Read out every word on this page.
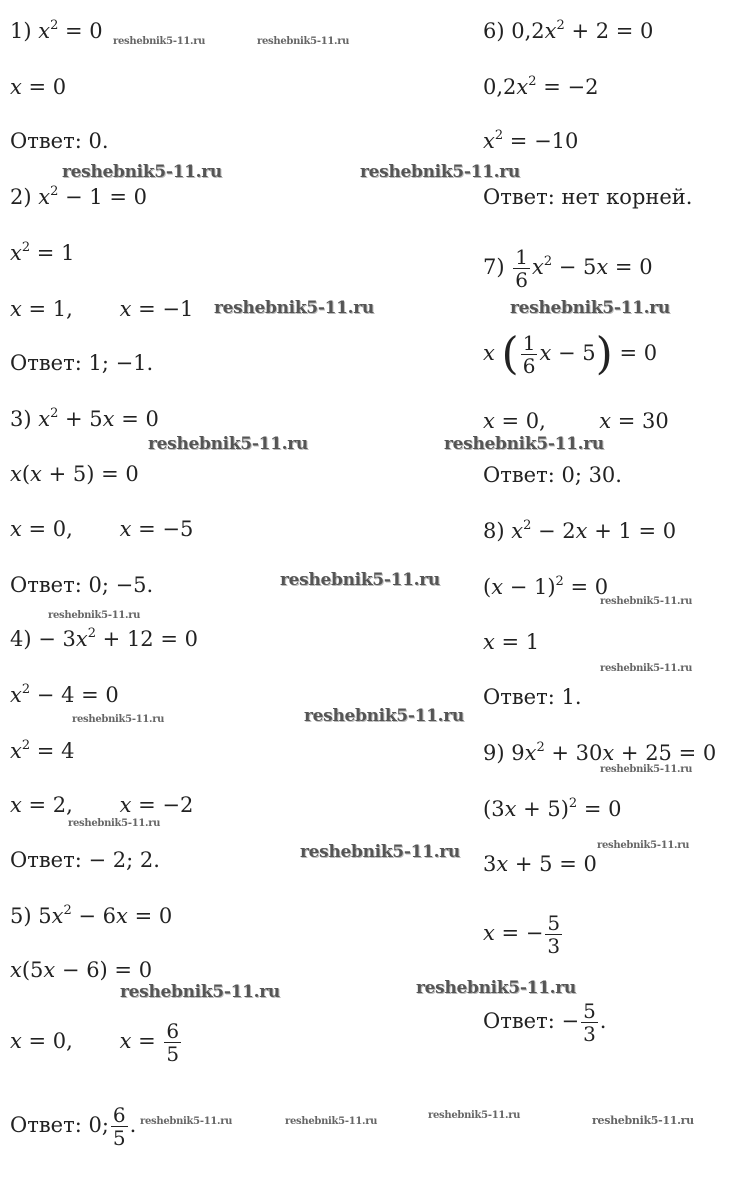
1) $x^2 = 0$
x = 0
Ответ: 0.
2) $x^2 - 1 = 0$
$x^2 = 1$
x = 1,       x = −1
Ответ: 1; −1.
3) $x^2 + 5x = 0$
x(x + 5) = 0
x = 0,       x = −5
Ответ: 0; −5.
$4) - 3x^2 + 12 = 0$
$x^2 - 4 = 0$
$x^2 = 4$
x = 2,       x = −2
Ответ: − 2; 2.
5) $5x^2 - 6x = 0$
x(5x − 6) = 0
x = 0,       $x = \frac{6}{5}$
Ответ: 0; $\frac{6}{5}$ .
6) $0,2x^2 + 2 = 0$
$0,2x^2 = -2$
$x^2 = -10$
Ответ: нет корней.
$7) \frac{1}{6} x^2 - 5x = 0$
x ( $\frac{1}{6}$ x − 5) = 0
x = 0,        x = 30
Ответ: 0; 30.
8) $x^2 - 2x + 1 = 0$
$(x - 1)^2 = 0$
x = 1
Ответ: 1.
9) $9x^2 + 30x + 25 = 0$
$(3x + 5)^2 = 0$
3x + 5 = 0
x = − $\frac{5}{3}$
Ответ: − $\frac{5}{3}$ .
reshebnik5-11.ru	reshebnik5-11.ru
reshebnik5-11.ru	reshebnik5-11.ru
reshebnik5-11.ru	reshebnik5-11.ru
reshebnik5-11.ru	reshebnik5-11.ru
reshebnik5-11.ru
reshebnik5-11.ru
reshebnik5-11.ru
reshebnik5-11.ru
reshebnik5-11.ru
reshebnik5-11.ru
reshebnik5-11.ru
reshebnik5-11.ru
reshebnik5-11.ru
reshebnik5-11.ru
reshebnik5-11.ru	reshebnik5-11.ru
reshebnik5-11.ru	reshebnik5-11.ru
reshebnik5-11.ru	reshebnik5-11.ru
